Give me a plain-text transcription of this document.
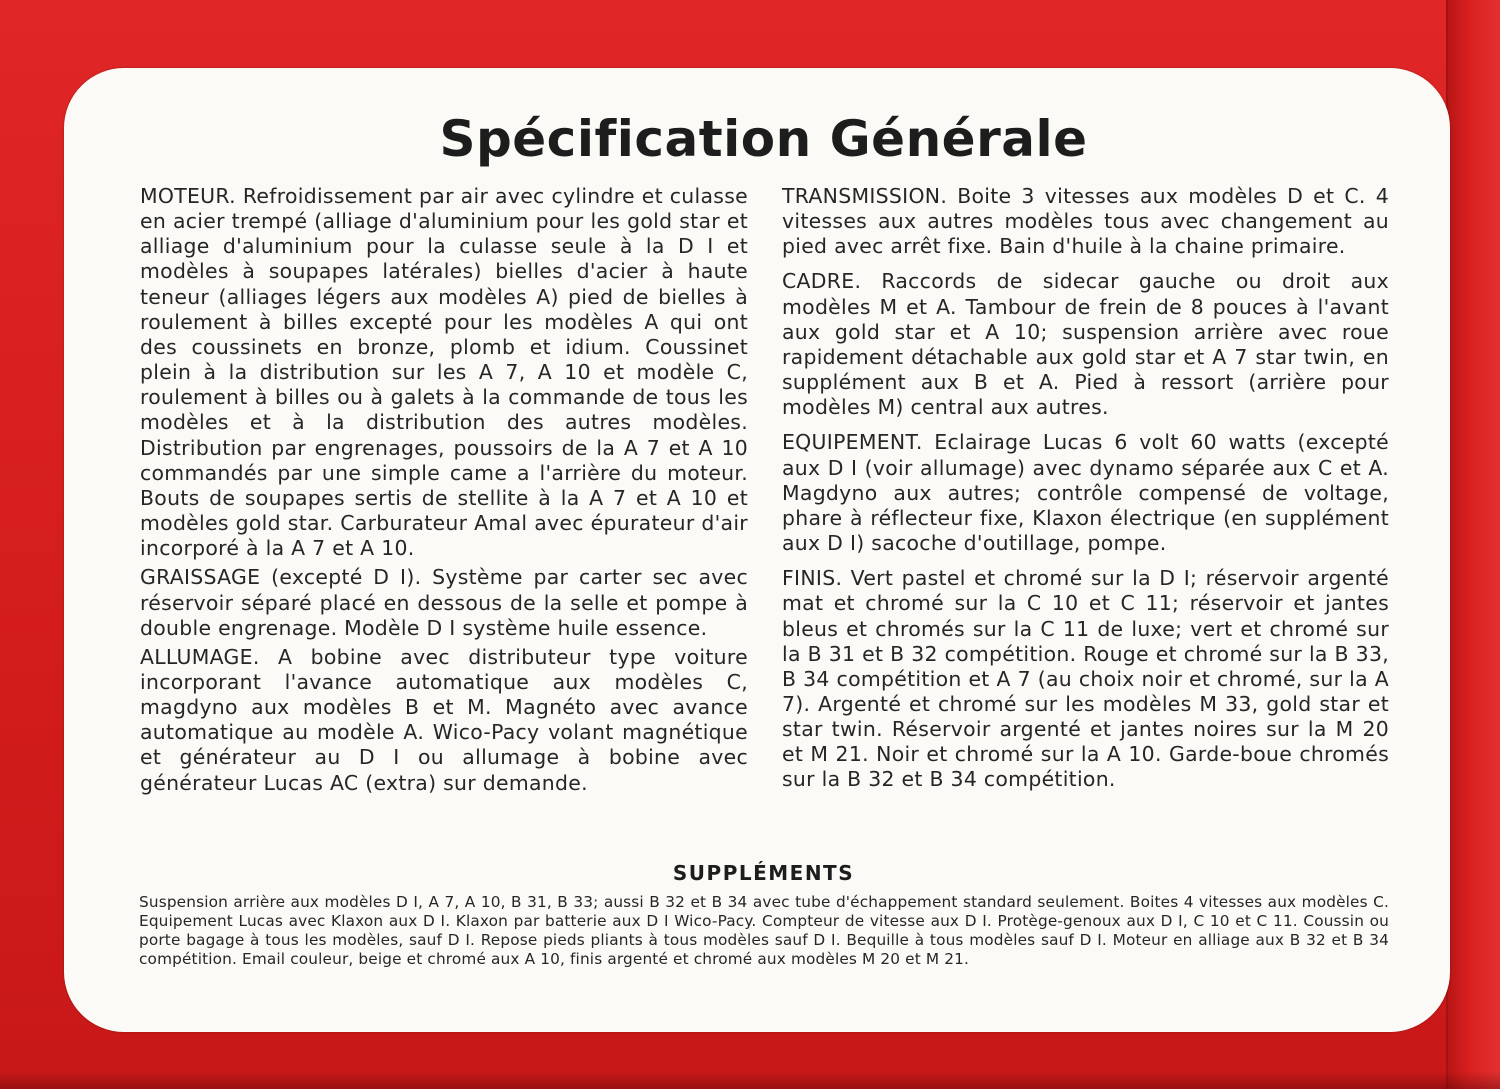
Spécification Générale

MOTEUR. Refroidissement par air avec cylindre et culasse en acier trempé (alliage d'aluminium pour les gold star et alliage d'aluminium pour la culasse seule à la D I et modèles à soupapes latérales) bielles d'acier à haute teneur (alliages légers aux modèles A) pied de bielles à roulement à billes excepté pour les modèles A qui ont des coussinets en bronze, plomb et idium. Coussinet plein à la distribution sur les A 7, A 10 et modèle C, roulement à billes ou à galets à la commande de tous les modèles et à la distribution des autres modèles. Distribution par engrenages, poussoirs de la A 7 et A 10 commandés par une simple came a l'arrière du moteur. Bouts de soupapes sertis de stellite à la A 7 et A 10 et modèles gold star. Carburateur Amal avec épurateur d'air incorporé à la A 7 et A 10.

GRAISSAGE (excepté D I). Système par carter sec avec réservoir séparé placé en dessous de la selle et pompe à double engrenage. Modèle D I système huile essence.

ALLUMAGE. A bobine avec distributeur type voiture incorporant l'avance automatique aux modèles C, magdyno aux modèles B et M. Magnéto avec avance automatique au modèle A. Wico-Pacy volant magnétique et générateur au D I ou allumage à bobine avec générateur Lucas AC (extra) sur demande.

TRANSMISSION. Boite 3 vitesses aux modèles D et C. 4 vitesses aux autres modèles tous avec changement au pied avec arrêt fixe. Bain d'huile à la chaine primaire.

CADRE. Raccords de sidecar gauche ou droit aux modèles M et A. Tambour de frein de 8 pouces à l'avant aux gold star et A 10; suspension arrière avec roue rapidement détachable aux gold star et A 7 star twin, en supplément aux B et A. Pied à ressort (arrière pour modèles M) central aux autres.

EQUIPEMENT. Eclairage Lucas 6 volt 60 watts (excepté aux D I (voir allumage) avec dynamo séparée aux C et A. Magdyno aux autres; contrôle compensé de voltage, phare à réflecteur fixe, Klaxon électrique (en supplément aux D I) sacoche d'outillage, pompe.

FINIS. Vert pastel et chromé sur la D I; réservoir argenté mat et chromé sur la C 10 et C 11; réservoir et jantes bleus et chromés sur la C 11 de luxe; vert et chromé sur la B 31 et B 32 compétition. Rouge et chromé sur la B 33, B 34 compétition et A 7 (au choix noir et chromé, sur la A 7). Argenté et chromé sur les modèles M 33, gold star et star twin. Réservoir argenté et jantes noires sur la M 20 et M 21. Noir et chromé sur la A 10. Garde-boue chromés sur la B 32 et B 34 compétition.

SUPPLÉMENTS
Suspension arrière aux modèles D I, A 7, A 10, B 31, B 33; aussi B 32 et B 34 avec tube d'échappement standard seulement. Boites 4 vitesses aux modèles C. Equipement Lucas avec Klaxon aux D I. Klaxon par batterie aux D I Wico-Pacy. Compteur de vitesse aux D I. Protège-genoux aux D I, C 10 et C 11. Coussin ou porte bagage à tous les modèles, sauf D I. Repose pieds pliants à tous modèles sauf D I. Bequille à tous modèles sauf D I. Moteur en alliage aux B 32 et B 34 compétition. Email couleur, beige et chromé aux A 10, finis argenté et chromé aux modèles M 20 et M 21.
